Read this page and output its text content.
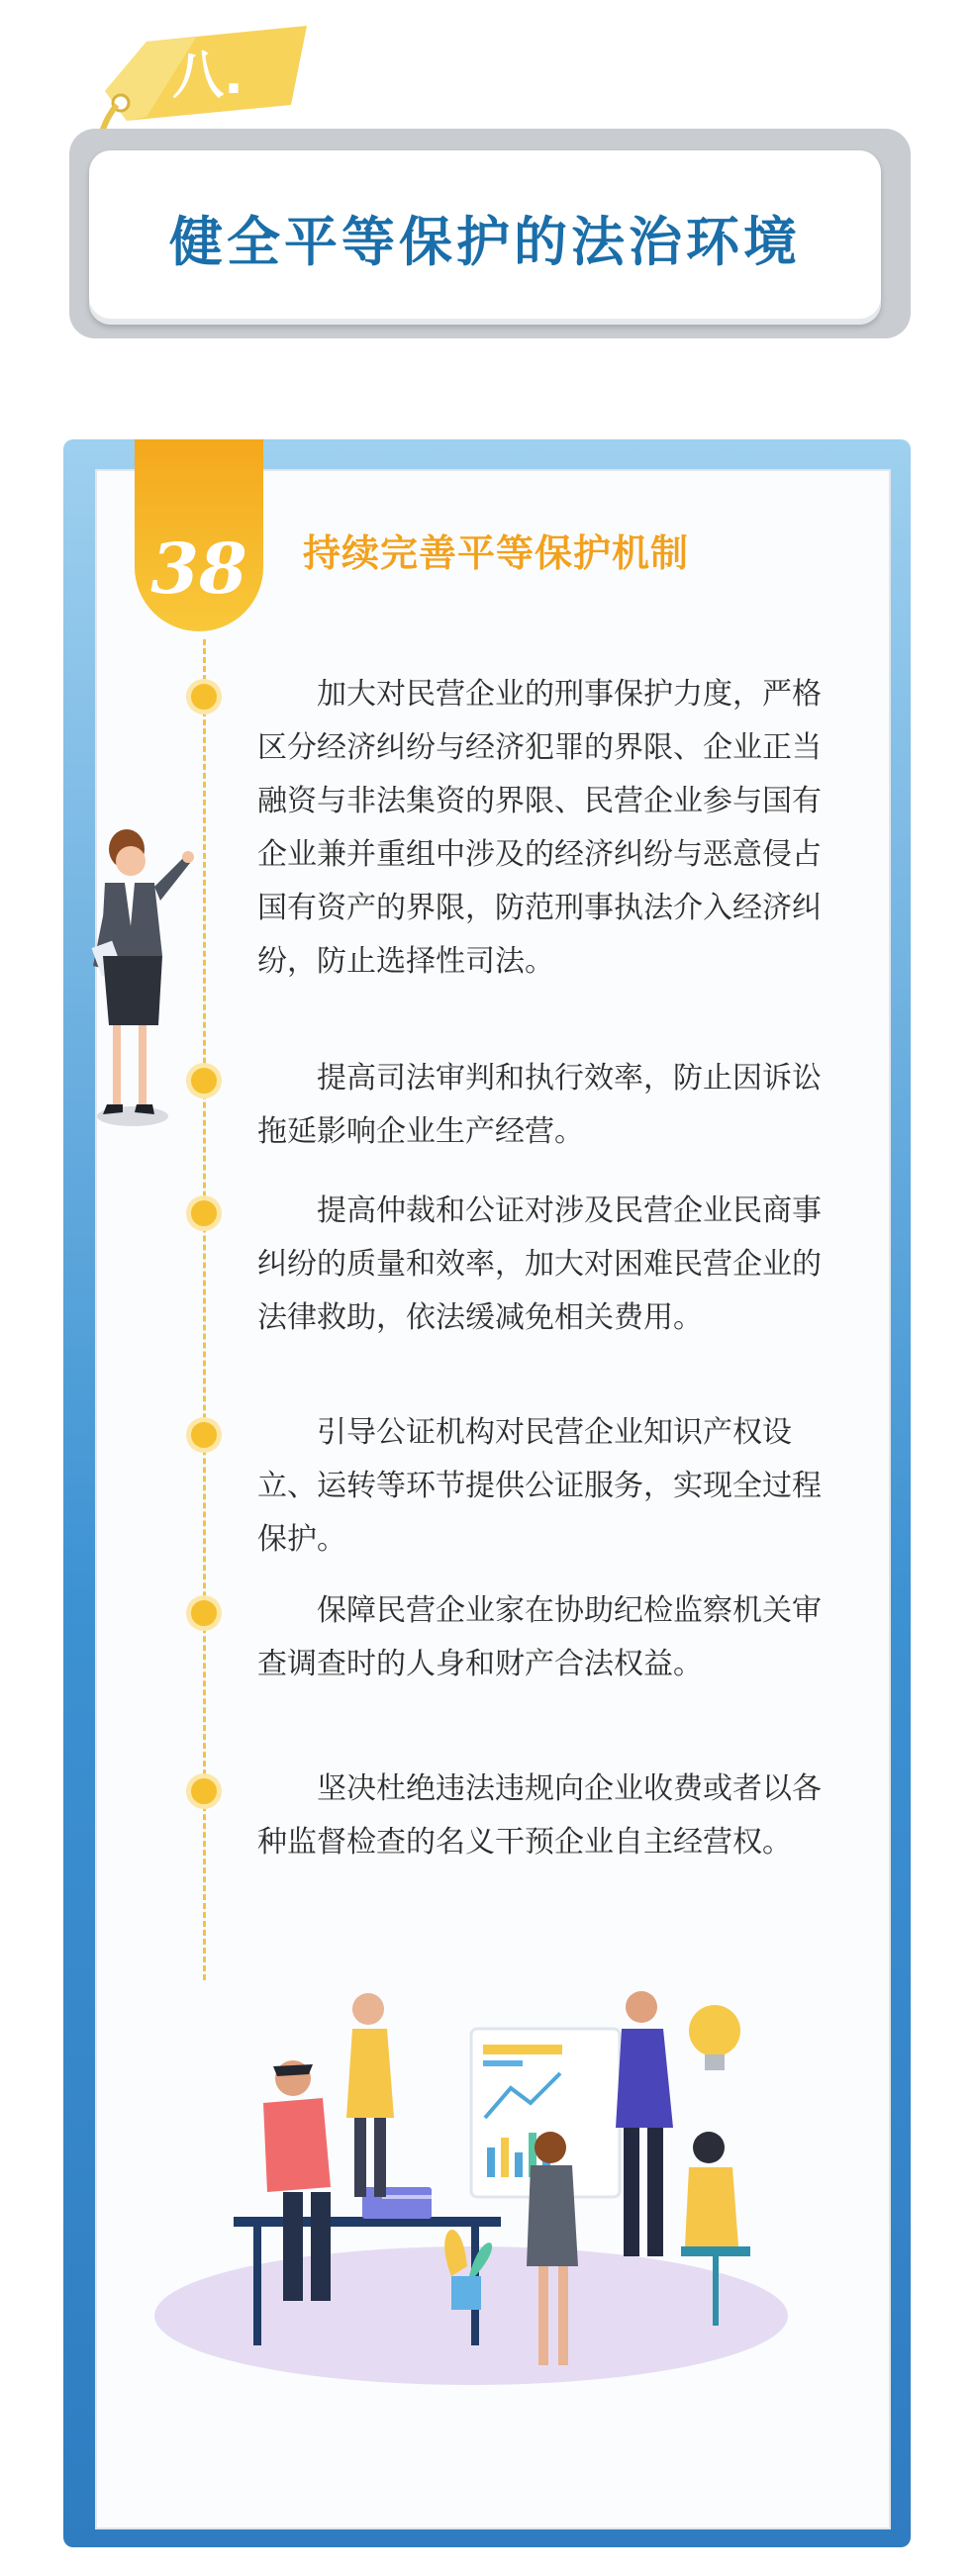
八.
健全平等保护的法治环境
38 持续完善平等保护机制

加大对民营企业的刑事保护力度，严格区分经济纠纷与经济犯罪的界限、企业正当融资与非法集资的界限、民营企业参与国有企业兼并重组中涉及的经济纠纷与恶意侵占国有资产的界限，防范刑事执法介入经济纠纷，防止选择性司法。

提高司法审判和执行效率，防止因诉讼拖延影响企业生产经营。

提高仲裁和公证对涉及民营企业民商事纠纷的质量和效率，加大对困难民营企业的法律救助，依法缓减免相关费用。

引导公证机构对民营企业知识产权设立、运转等环节提供公证服务，实现全过程保护。

保障民营企业家在协助纪检监察机关审查调查时的人身和财产合法权益。

坚决杜绝违法违规向企业收费或者以各种监督检查的名义干预企业自主经营权。
